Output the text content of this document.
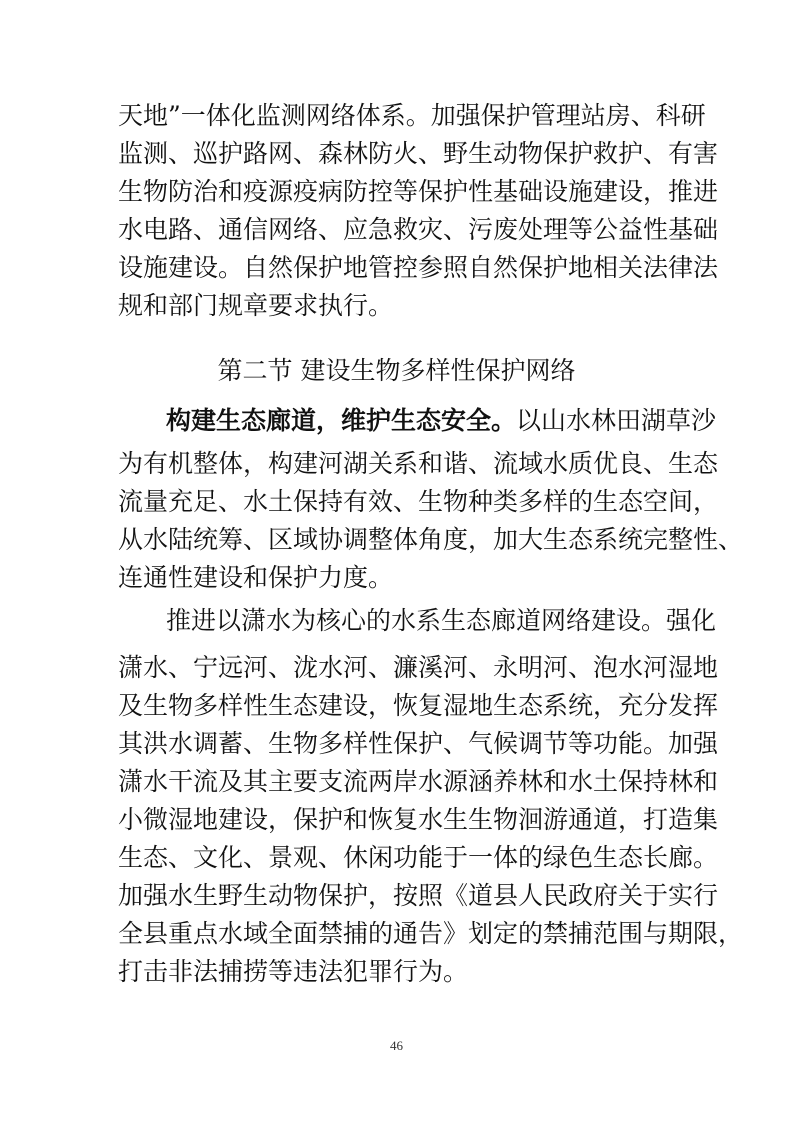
天地”一体化监测网络体系。加强保护管理站房、科研
监测、巡护路网、森林防火、野生动物保护救护、有害
生物防治和疫源疫病防控等保护性基础设施建设，推进
水电路、通信网络、应急救灾、污废处理等公益性基础
设施建设。自然保护地管控参照自然保护地相关法律法
规和部门规章要求执行。
第二节 建设生物多样性保护网络
构建生态廊道，维护生态安全。以山水林田湖草沙
为有机整体，构建河湖关系和谐、流域水质优良、生态
流量充足、水土保持有效、生物种类多样的生态空间，
从水陆统筹、区域协调整体角度，加大生态系统完整性、
连通性建设和保护力度。
推进以潇水为核心的水系生态廊道网络建设。强化
潇水、宁远河、泷水河、濂溪河、永明河、泡水河湿地
及生物多样性生态建设，恢复湿地生态系统，充分发挥
其洪水调蓄、生物多样性保护、气候调节等功能。加强
潇水干流及其主要支流两岸水源涵养林和水土保持林和
小微湿地建设，保护和恢复水生生物洄游通道，打造集
生态、文化、景观、休闲功能于一体的绿色生态长廊。
加强水生野生动物保护，按照《道县人民政府关于实行
46
全县重点水域全面禁捕的通告》划定的禁捕范围与期限，
打击非法捕捞等违法犯罪行为。
